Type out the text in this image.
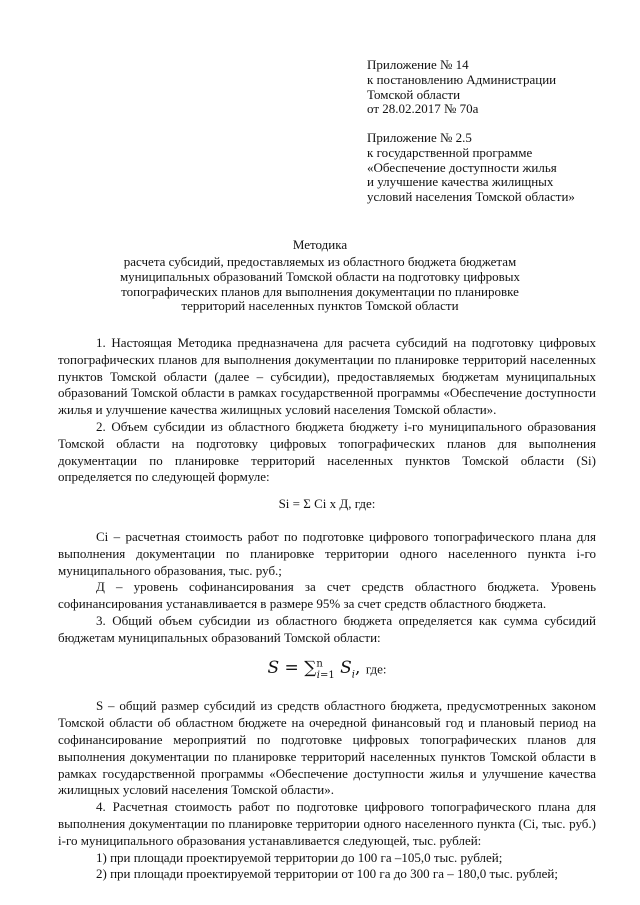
Приложение № 14
к постановлению Администрации
Томской области
от 28.02.2017 № 70а
Приложение № 2.5
к государственной программе
«Обеспечение доступности жилья
и улучшение качества жилищных
условий населения Томской области»
Методика
расчета субсидий, предоставляемых из областного бюджета бюджетам
муниципальных образований Томской области на подготовку цифровых
топографических планов для выполнения документации по планировке
территорий населенных пунктов Томской области

1. Настоящая Методика предназначена для расчета субсидий на подготовку цифровых топографических планов для выполнения документации по планировке территорий населенных пунктов Томской области (далее – субсидии), предоставляемых бюджетам муниципальных образований Томской области в рамках государственной программы «Обеспечение доступности жилья и улучшение качества жилищных условий населения Томской области».

2. Объем субсидии из областного бюджета бюджету i-го муниципального образования Томской области на подготовку цифровых топографических планов для выполнения документации по планировке территорий населенных пунктов Томской области (Si) определяется по следующей формуле:

Si = Σ Ci x Д, где:

Ci – расчетная стоимость работ по подготовке цифрового топографического плана для выполнения документации по планировке территории одного населенного пункта i-го муниципального образования, тыс. руб.;

Д – уровень софинансирования за счет средств областного бюджета. Уровень софинансирования устанавливается в размере 95% за счет средств областного бюджета.

3. Общий объем субсидии из областного бюджета определяется как сумма субсидий бюджетам муниципальных образований Томской области:

S = ∑$^n_{i=1}$ $S_i$, где:

S – общий размер субсидий из средств областного бюджета, предусмотренных законом Томской области об областном бюджете на очередной финансовый год и плановый период на софинансирование мероприятий по подготовке цифровых топографических планов для выполнения документации по планировке территорий населенных пунктов Томской области в рамках государственной программы «Обеспечение доступности жилья и улучшение качества жилищных условий населения Томской области».

4. Расчетная стоимость работ по подготовке цифрового топографического плана для выполнения документации по планировке территории одного населенного пункта (Ci, тыс. руб.) i-го муниципального образования устанавливается следующей, тыс. рублей:

1) при площади проектируемой территории до 100 га –105,0 тыс. рублей;

2) при площади проектируемой территории от 100 га до 300 га – 180,0 тыс. рублей;
